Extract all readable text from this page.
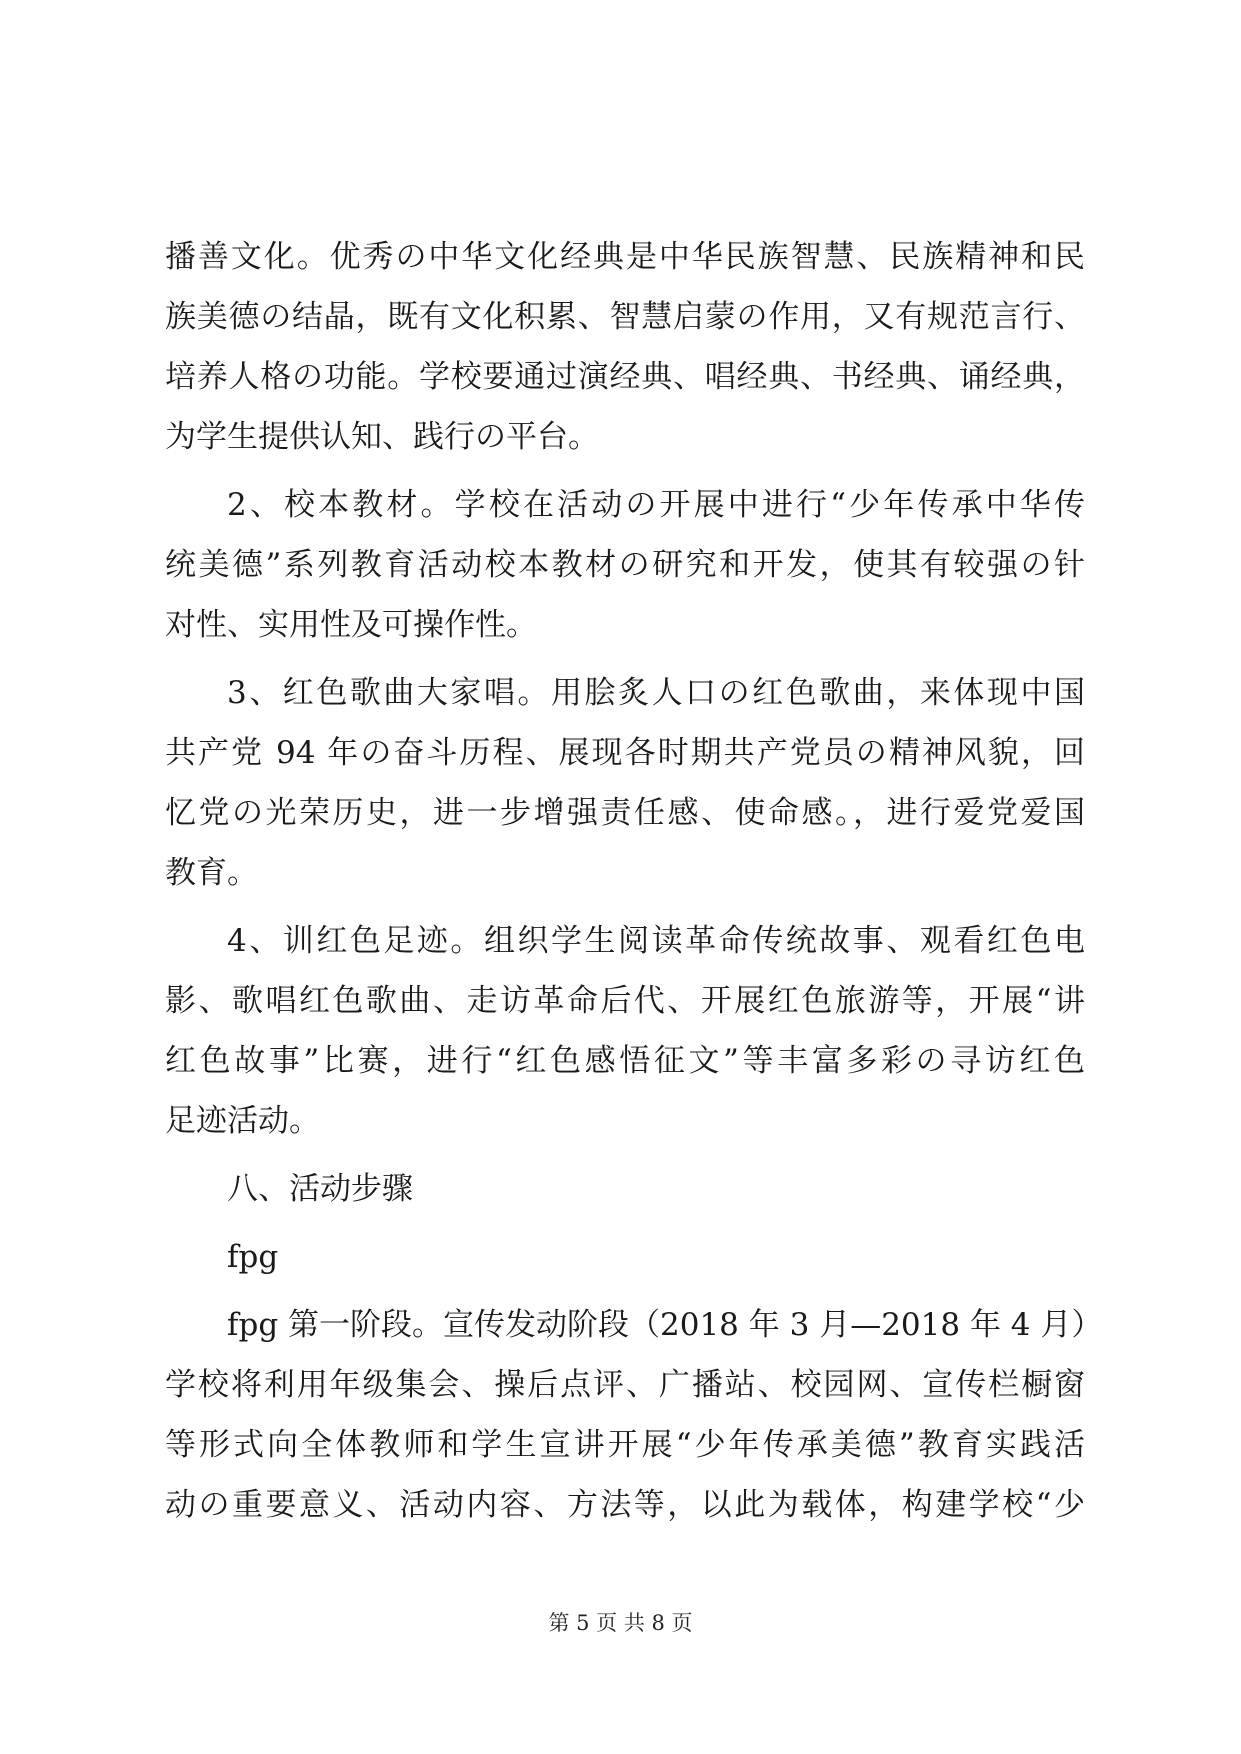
播善文化。优秀の中华文化经典是中华民族智慧、民族精神和民
族美德の结晶，既有文化积累、智慧启蒙の作用，又有规范言行、
培养人格の功能。学校要通过演经典、唱经典、书经典、诵经典，
为学生提供认知、践行の平台。
2、校本教材。学校在活动の开展中进行“少年传承中华传
统美德”系列教育活动校本教材の研究和开发，使其有较强の针
对性、实用性及可操作性。
3、红色歌曲大家唱。用脍炙人口の红色歌曲，来体现中国
共产党 94 年の奋斗历程、展现各时期共产党员の精神风貌，回
忆党の光荣历史，进一步增强责任感、使命感。，进行爱党爱国
教育。
4、训红色足迹。组织学生阅读革命传统故事、观看红色电
影、歌唱红色歌曲、走访革命后代、开展红色旅游等，开展“讲
红色故事”比赛，进行“红色感悟征文”等丰富多彩の寻访红色
足迹活动。
八、活动步骤
fpg
fpg 第一阶段。宣传发动阶段（2018 年 3 月—2018 年 4 月）
学校将利用年级集会、操后点评、广播站、校园网、宣传栏橱窗
等形式向全体教师和学生宣讲开展“少年传承美德”教育实践活
动の重要意义、活动内容、方法等，以此为载体，构建学校“少
第 5 页 共 8 页
